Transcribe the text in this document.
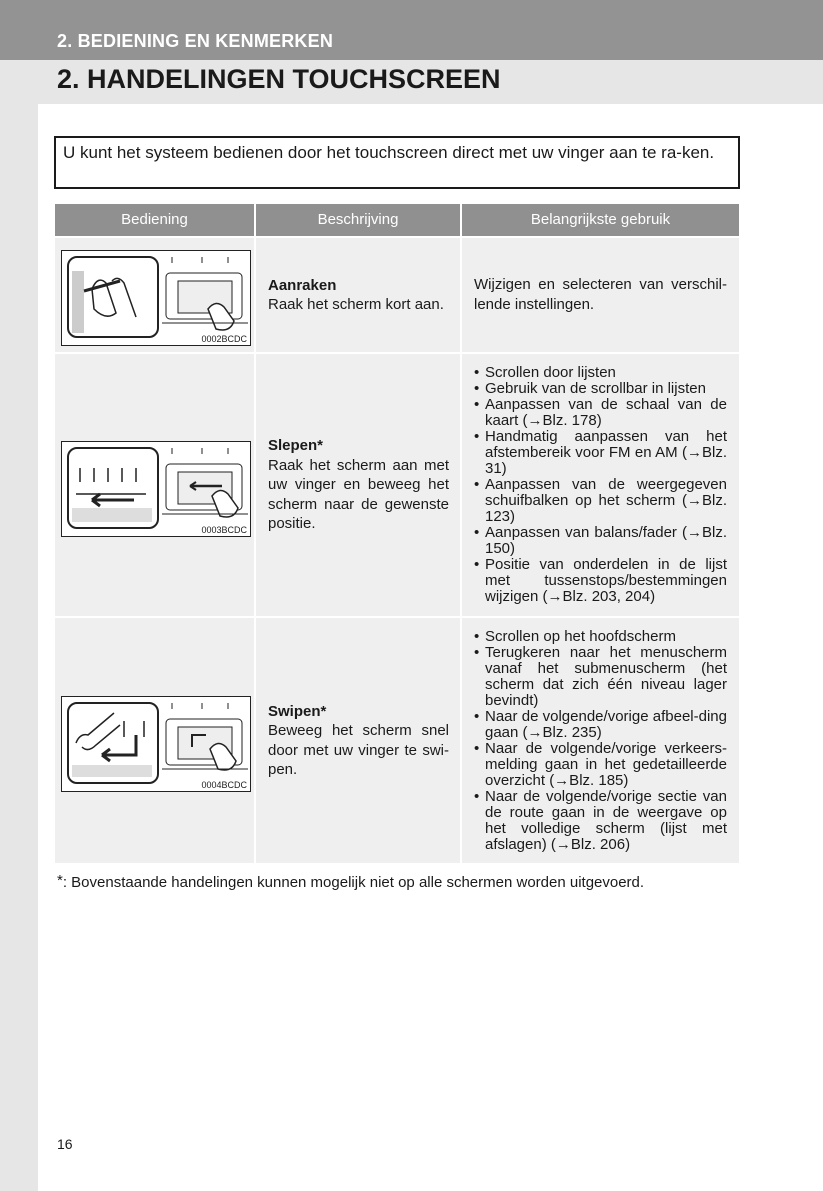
2. BEDIENING EN KENMERKEN
2. HANDELINGEN TOUCHSCREEN
U kunt het systeem bedienen door het touchscreen direct met uw vinger aan te ra-ken.
Bediening	Beschrijving	Belangrijkste gebruik
0002BCDC
Aanraken
Raak het scherm kort aan.
Wijzigen en selecteren van verschil-lende instellingen.
0003BCDC
Slepen*
Raak het scherm aan met uw vinger en beweeg het scherm naar de gewenste positie.
• Scrollen door lijsten
• Gebruik van de scrollbar in lijsten
• Aanpassen van de schaal van de kaart (→Blz. 178)
• Handmatig aanpassen van het afstembereik voor FM en AM (→Blz. 31)
• Aanpassen van de weergegeven schuifbalken op het scherm (→Blz. 123)
• Aanpassen van balans/fader (→Blz. 150)
• Positie van onderdelen in de lijst met tussenstops/bestemmingen wijzigen (→Blz. 203, 204)
0004BCDC
Swipen*
Beweeg het scherm snel door met uw vinger te swi-pen.
• Scrollen op het hoofdscherm
• Terugkeren naar het menuscherm vanaf het submenuscherm (het scherm dat zich één niveau lager bevindt)
• Naar de volgende/vorige afbeel-ding gaan (→Blz. 235)
• Naar de volgende/vorige verkeers-melding gaan in het gedetailleerde overzicht (→Blz. 185)
• Naar de volgende/vorige sectie van de route gaan in de weergave op het volledige scherm (lijst met afslagen) (→Blz. 206)
*: Bovenstaande handelingen kunnen mogelijk niet op alle schermen worden uitgevoerd.
16
